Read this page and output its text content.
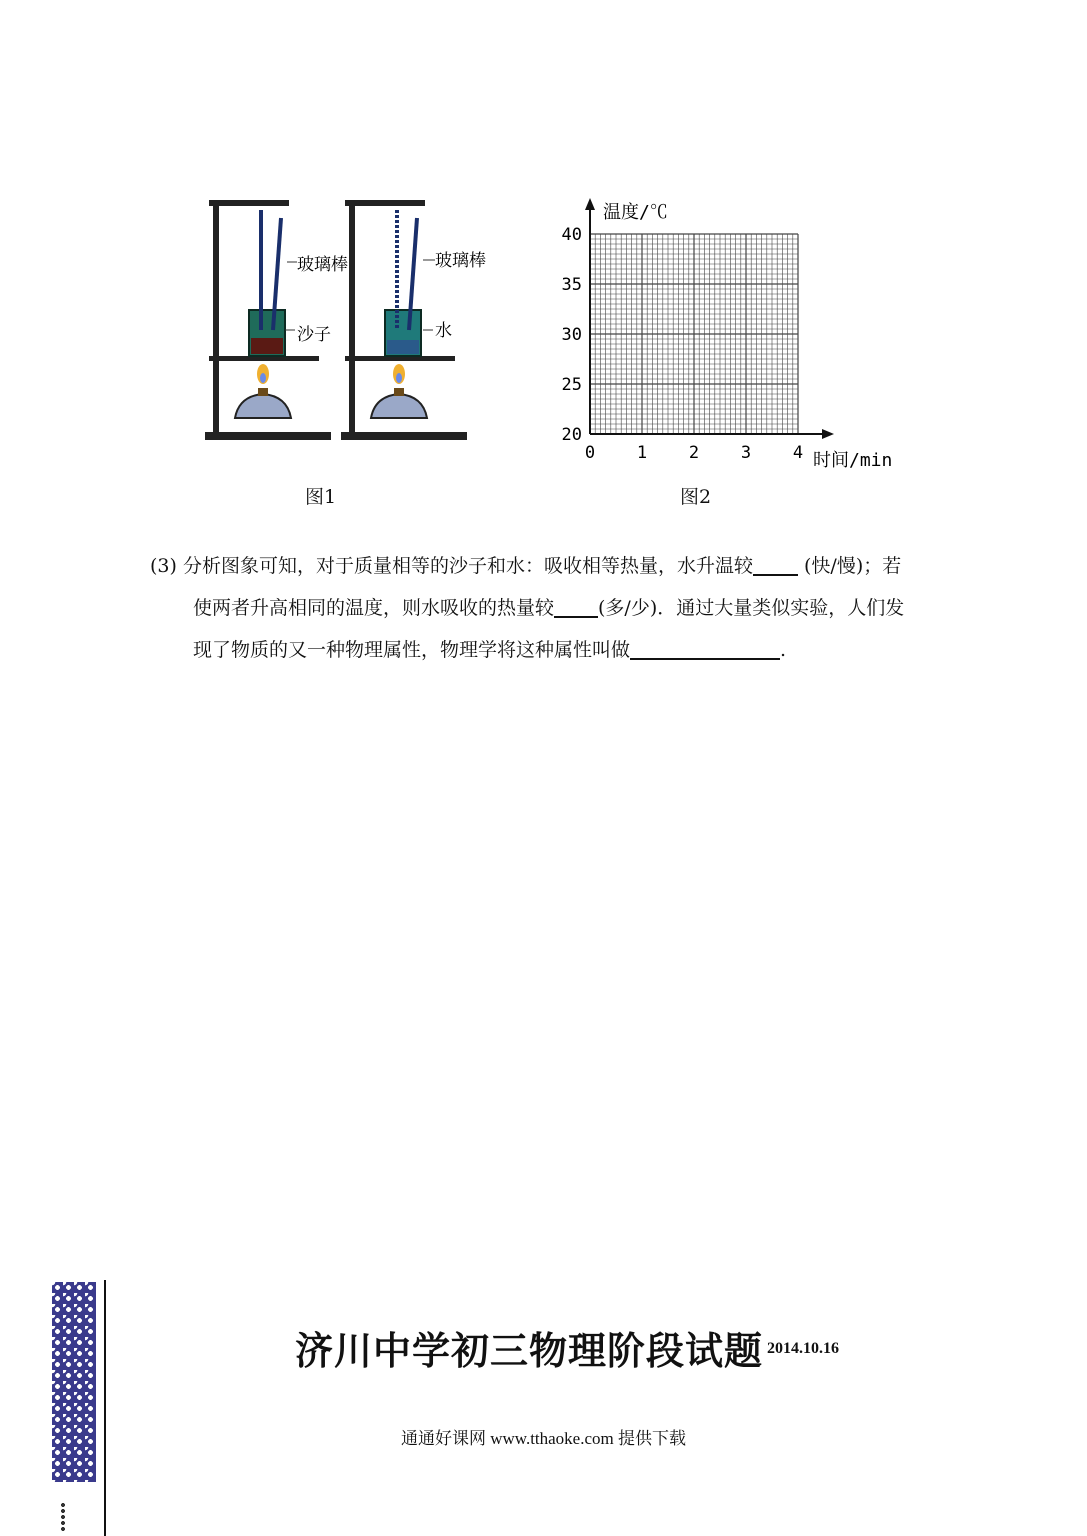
玻璃棒
沙子
玻璃棒
水
图1
0 1 2 3 4
20
25
30
35
40
温度/℃
时间/min
图2
(3) 分析图象可知，对于质量相等的沙子和水：吸收相等热量，水升温较 (快/慢)；若
使两者升高相同的温度，则水吸收的热量较 (多/少)．通过大量类似实验，人们发
现了物质的又一种物理属性，物理学将这种属性叫做	.
济川中学初三物理阶段试题 2014.10.16
通通好课网 www.tthaoke.com 提供下载
